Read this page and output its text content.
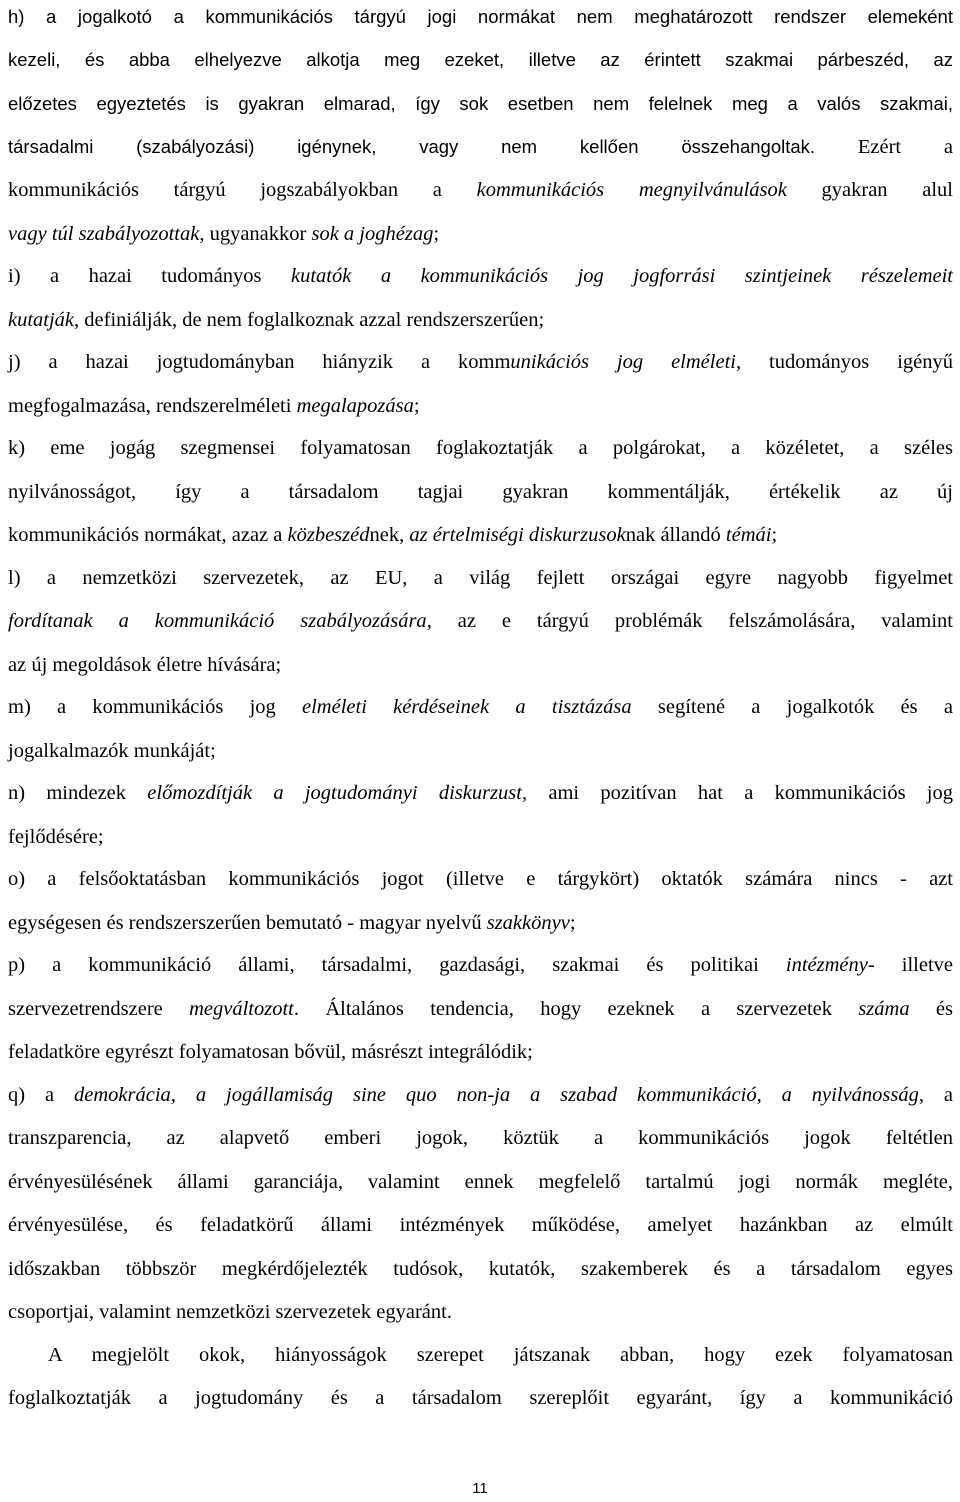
h) a jogalkotó a kommunikációs tárgyú jogi normákat nem meghatározott rendszer elemeként
kezeli, és abba elhelyezve alkotja meg ezeket, illetve az érintett szakmai párbeszéd, az
előzetes egyeztetés is gyakran elmarad, így sok esetben nem felelnek meg a valós szakmai,
társadalmi (szabályozási) igénynek, vagy nem kellően összehangoltak. Ezért a
kommunikációs tárgyú jogszabályokban a kommunikációs megnyilvánulások gyakran alul
vagy túl szabályozottak, ugyanakkor sok a joghézag;
i) a hazai tudományos kutatók a kommunikációs jog jogforrási szintjeinek részelemeit
kutatják, definiálják, de nem foglalkoznak azzal rendszerszerűen;
j) a hazai jogtudományban hiányzik a kommunikációs jog elméleti, tudományos igényű
megfogalmazása, rendszerelméleti megalapozása;
k) eme jogág szegmensei folyamatosan foglakoztatják a polgárokat, a közéletet, a széles
nyilvánosságot, így a társadalom tagjai gyakran kommentálják, értékelik az új
kommunikációs normákat, azaz a közbeszédnek, az értelmiségi diskurzusoknak állandó témái;
l) a nemzetközi szervezetek, az EU, a világ fejlett országai egyre nagyobb figyelmet
fordítanak a kommunikáció szabályozására, az e tárgyú problémák felszámolására, valamint
az új megoldások életre hívására;
m) a kommunikációs jog elméleti kérdéseinek a tisztázása segítené a jogalkotók és a
jogalkalmazók munkáját;
n) mindezek előmozdítják a jogtudományi diskurzust, ami pozitívan hat a kommunikációs jog
fejlődésére;
o) a felsőoktatásban kommunikációs jogot (illetve e tárgykört) oktatók számára nincs - azt
egységesen és rendszerszerűen bemutató - magyar nyelvű szakkönyv;
p) a kommunikáció állami, társadalmi, gazdasági, szakmai és politikai intézmény- illetve
szervezetrendszere megváltozott. Általános tendencia, hogy ezeknek a szervezetek száma és
feladatköre egyrészt folyamatosan bővül, másrészt integrálódik;
q) a demokrácia, a jogállamiság sine quo non-ja a szabad kommunikáció, a nyilvánosság, a
transzparencia, az alapvető emberi jogok, köztük a kommunikációs jogok feltétlen
érvényesülésének állami garanciája, valamint ennek megfelelő tartalmú jogi normák megléte,
érvényesülése, és feladatkörű állami intézmények működése, amelyet hazánkban az elmúlt
időszakban többször megkérdőjelezték tudósok, kutatók, szakemberek és a társadalom egyes
csoportjai, valamint nemzetközi szervezetek egyaránt.
A megjelölt okok, hiányosságok szerepet játszanak abban, hogy ezek folyamatosan
foglalkoztatják a jogtudomány és a társadalom szereplőit egyaránt, így a kommunikáció
11
